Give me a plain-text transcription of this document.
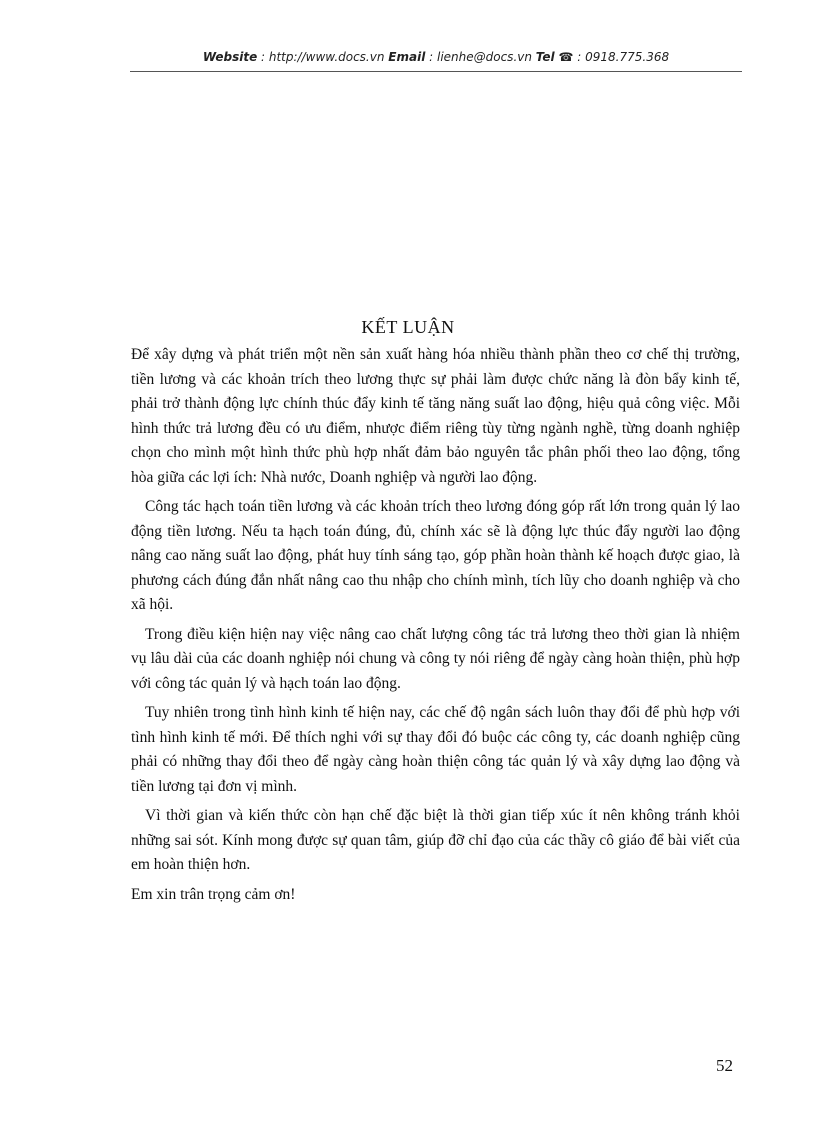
Website : http://www.docs.vn Email : lienhe@docs.vn Tel ☎ : 0918.775.368
KẾT LUẬN

Để xây dựng và phát triển một nền sản xuất hàng hóa nhiều thành phần theo cơ chế thị trường, tiền lương và các khoản trích theo lương thực sự phải làm được chức năng là đòn bẩy kinh tế, phải trở thành động lực chính thúc đẩy kinh tế tăng năng suất lao động, hiệu quả công việc. Mỗi hình thức trả lương đều có ưu điểm, nhược điểm riêng tùy từng ngành nghề, từng doanh nghiệp chọn cho mình một hình thức phù hợp nhất đảm bảo nguyên tắc phân phối theo lao động, tổng hòa giữa các lợi ích: Nhà nước, Doanh nghiệp và người lao động.

Công tác hạch toán tiền lương và các khoản trích theo lương đóng góp rất lớn trong quản lý lao động tiền lương. Nếu ta hạch toán đúng, đủ, chính xác sẽ là động lực thúc đẩy người lao động nâng cao năng suất lao động, phát huy tính sáng tạo, góp phần hoàn thành kế hoạch được giao, là phương cách đúng đắn nhất nâng cao thu nhập cho chính mình, tích lũy cho doanh nghiệp và cho xã hội.

Trong điều kiện hiện nay việc nâng cao chất lượng công tác trả lương theo thời gian là nhiệm vụ lâu dài của các doanh nghiệp nói chung và công ty nói riêng để ngày càng hoàn thiện, phù hợp với công tác quản lý và hạch toán lao động.

Tuy nhiên trong tình hình kinh tế hiện nay, các chế độ ngân sách luôn thay đổi để phù hợp với tình hình kinh tế mới. Để thích nghi với sự thay đổi đó buộc các công ty, các doanh nghiệp cũng phải có những thay đổi theo để ngày càng hoàn thiện công tác quản lý và xây dựng lao động và tiền lương tại đơn vị mình.

Vì thời gian và kiến thức còn hạn chế đặc biệt là thời gian tiếp xúc ít nên không tránh khỏi những sai sót. Kính mong được sự quan tâm, giúp đỡ chỉ đạo của các thầy cô giáo để bài viết của em hoàn thiện hơn.

Em xin trân trọng cảm ơn!

52
